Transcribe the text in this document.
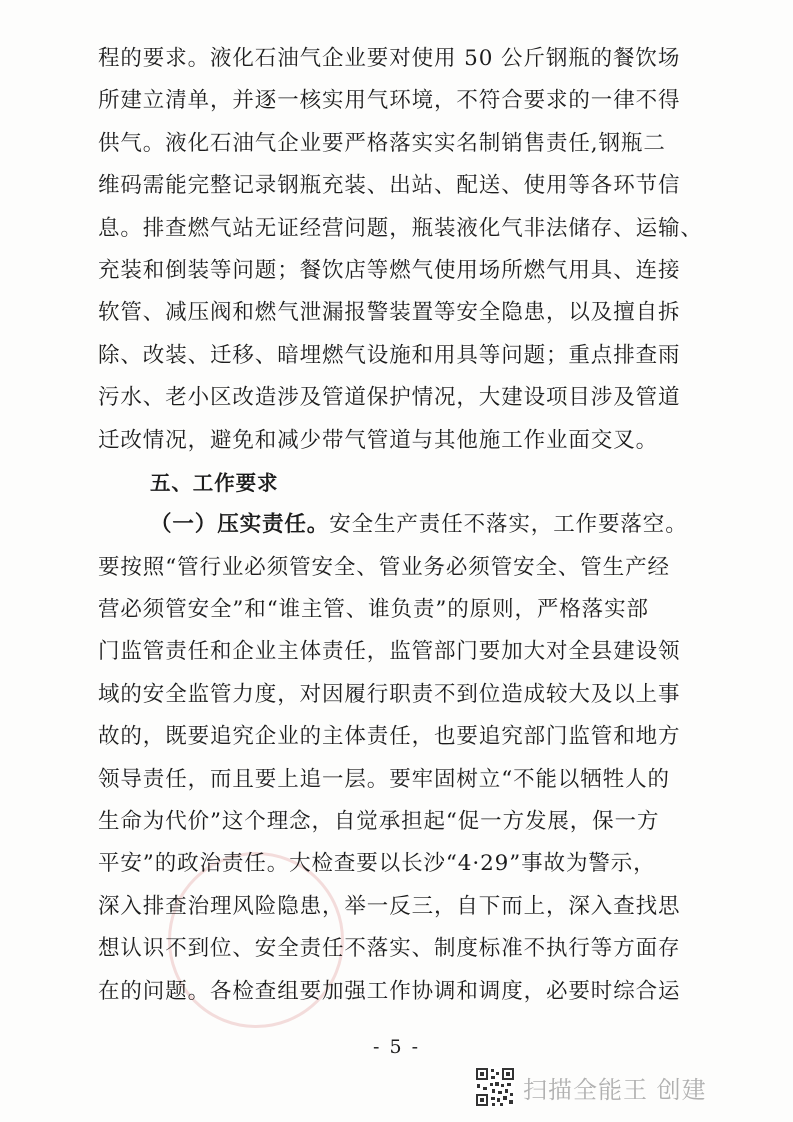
程的要求。液化石油气企业要对使用 50 公斤钢瓶的餐饮场
所建立清单，并逐一核实用气环境，不符合要求的一律不得
供气。液化石油气企业要严格落实实名制销售责任,钢瓶二
维码需能完整记录钢瓶充装、出站、配送、使用等各环节信
息。排查燃气站无证经营问题，瓶装液化气非法储存、运输、
充装和倒装等问题；餐饮店等燃气使用场所燃气用具、连接
软管、减压阀和燃气泄漏报警装置等安全隐患，以及擅自拆
除、改装、迁移、暗埋燃气设施和用具等问题；重点排查雨
污水、老小区改造涉及管道保护情况，大建设项目涉及管道
迁改情况，避免和减少带气管道与其他施工作业面交叉。
五、工作要求
（一）压实责任。安全生产责任不落实，工作要落空。
要按照“管行业必须管安全、管业务必须管安全、管生产经
营必须管安全”和“谁主管、谁负责”的原则，严格落实部
门监管责任和企业主体责任，监管部门要加大对全县建设领
域的安全监管力度，对因履行职责不到位造成较大及以上事
故的，既要追究企业的主体责任，也要追究部门监管和地方
领导责任，而且要上追一层。要牢固树立“不能以牺牲人的
生命为代价”这个理念，自觉承担起“促一方发展，保一方
平安”的政治责任。大检查要以长沙“4·29”事故为警示，
深入排查治理风险隐患，举一反三，自下而上，深入查找思
想认识不到位、安全责任不落实、制度标准不执行等方面存
在的问题。各检查组要加强工作协调和调度，必要时综合运
- 5 -
扫描全能王 创建
